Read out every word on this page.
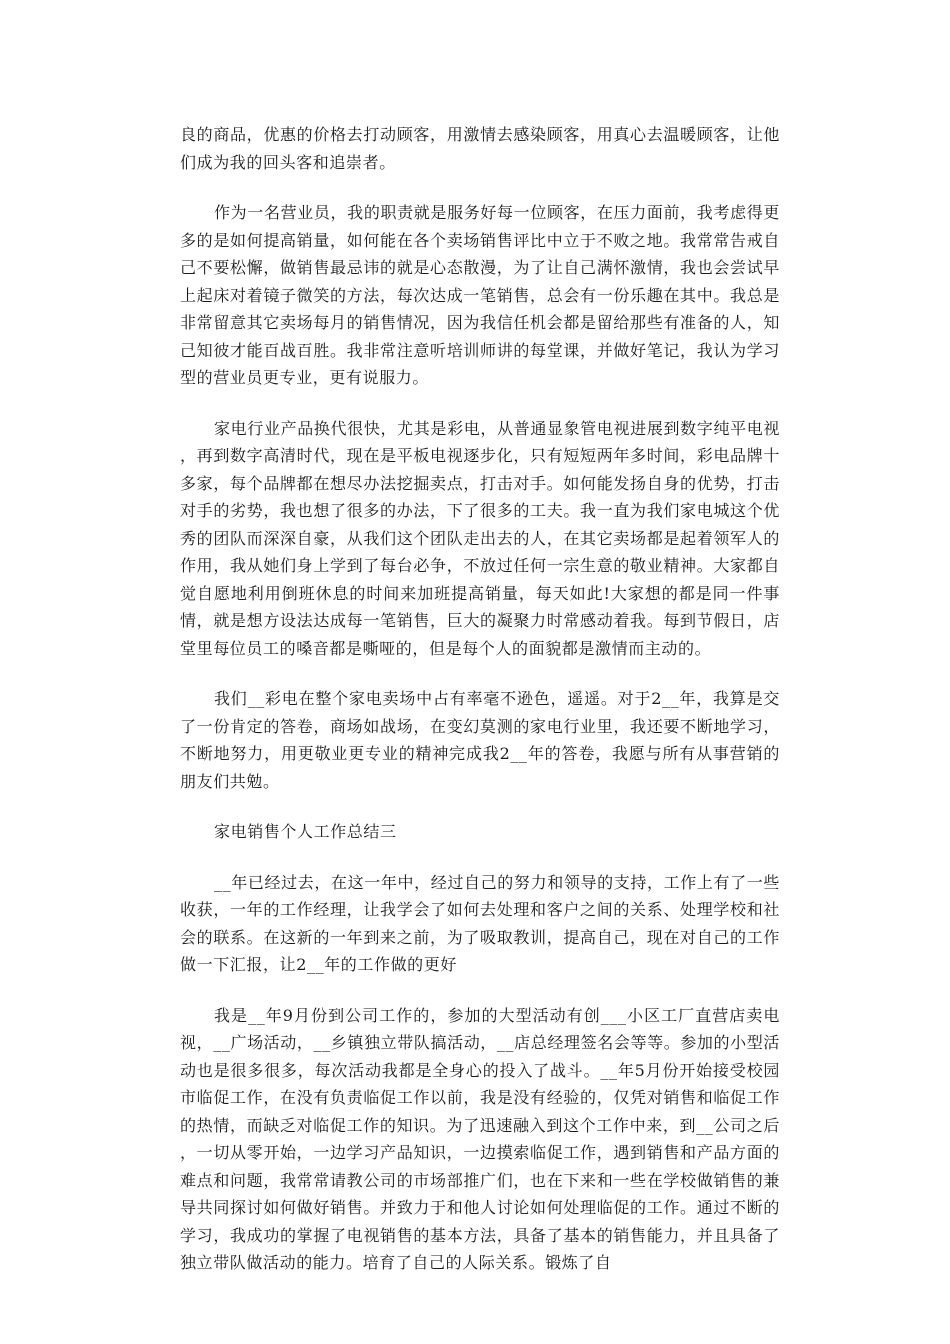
良的商品，优惠的价格去打动顾客，用激情去感染顾客，用真心去温暖顾客，让他们成为我的回头客和追崇者。

作为一名营业员，我的职责就是服务好每一位顾客，在压力面前，我考虑得更多的是如何提高销量，如何能在各个卖场销售评比中立于不败之地。我常常告戒自己不要松懈，做销售最忌讳的就是心态散漫，为了让自己满怀激情，我也会尝试早上起床对着镜子微笑的方法，每次达成一笔销售，总会有一份乐趣在其中。我总是非常留意其它卖场每月的销售情况，因为我信任机会都是留给那些有准备的人，知己知彼才能百战百胜。我非常注意听培训师讲的每堂课，并做好笔记，我认为学习型的营业员更专业，更有说服力。

家电行业产品换代很快，尤其是彩电，从普通显象管电视进展到数字纯平电视，再到数字高清时代，现在是平板电视逐步化，只有短短两年多时间，彩电品牌十多家，每个品牌都在想尽办法挖掘卖点，打击对手。如何能发扬自身的优势，打击对手的劣势，我也想了很多的办法，下了很多的工夫。我一直为我们家电城这个优秀的团队而深深自豪，从我们这个团队走出去的人，在其它卖场都是起着领军人的作用，我从她们身上学到了每台必争，不放过任何一宗生意的敬业精神。大家都自觉自愿地利用倒班休息的时间来加班提高销量，每天如此!大家想的都是同一件事情，就是想方设法达成每一笔销售，巨大的凝聚力时常感动着我。每到节假日，店堂里每位员工的嗓音都是嘶哑的，但是每个人的面貌都是激情而主动的。

我们__彩电在整个家电卖场中占有率毫不逊色，遥遥。对于2__年，我算是交了一份肯定的答卷，商场如战场，在变幻莫测的家电行业里，我还要不断地学习，不断地努力，用更敬业更专业的精神完成我2__年的答卷，我愿与所有从事营销的朋友们共勉。

家电销售个人工作总结三

__年已经过去，在这一年中，经过自己的努力和领导的支持，工作上有了一些收获，一年的工作经理，让我学会了如何去处理和客户之间的关系、处理学校和社会的联系。在这新的一年到来之前，为了吸取教训，提高自己，现在对自己的工作做一下汇报，让2__年的工作做的更好

我是__年9月份到公司工作的，参加的大型活动有创___小区工厂直营店卖电视，__广场活动，__乡镇独立带队搞活动，__店总经理签名会等等。参加的小型活动也是很多很多，每次活动我都是全身心的投入了战斗。__年5月份开始接受校园市临促工作，在没有负责临促工作以前，我是没有经验的，仅凭对销售和临促工作的热情，而缺乏对临促工作的知识。为了迅速融入到这个工作中来，到__公司之后，一切从零开始，一边学习产品知识，一边摸索临促工作，遇到销售和产品方面的难点和问题，我常常请教公司的市场部推广们，也在下来和一些在学校做销售的兼导共同探讨如何做好销售。并致力于和他人讨论如何处理临促的工作。通过不断的学习，我成功的掌握了电视销售的基本方法，具备了基本的销售能力，并且具备了独立带队做活动的能力。培育了自己的人际关系。锻炼了自
